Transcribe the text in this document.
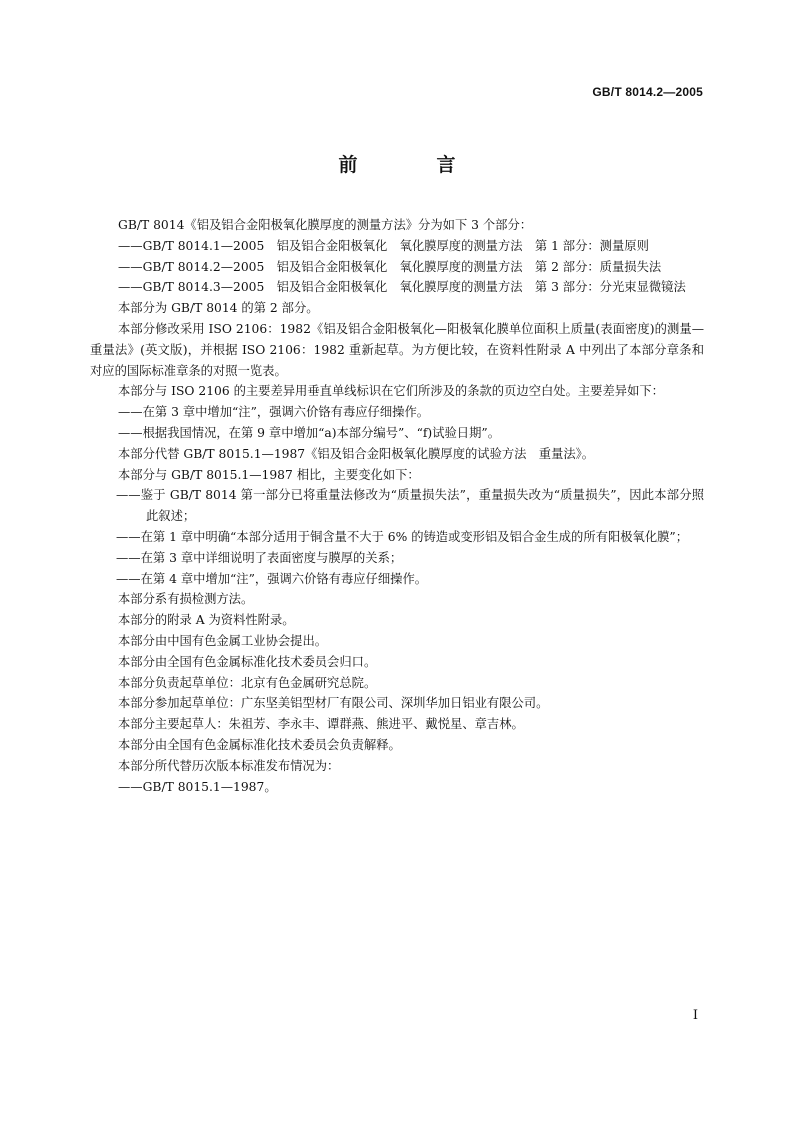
GB/T 8014.2—2005
前　言

GB/T 8014《铝及铝合金阳极氧化膜厚度的测量方法》分为如下 3 个部分：

——GB/T 8014.1—2005　铝及铝合金阳极氧化　氧化膜厚度的测量方法　第 1 部分：测量原则

——GB/T 8014.2—2005　铝及铝合金阳极氧化　氧化膜厚度的测量方法　第 2 部分：质量损失法

——GB/T 8014.3—2005　铝及铝合金阳极氧化　氧化膜厚度的测量方法　第 3 部分：分光束显微镜法

本部分为 GB/T 8014 的第 2 部分。

本部分修改采用 ISO 2106：1982《铝及铝合金阳极氧化—阳极氧化膜单位面积上质量(表面密度)的测量—重量法》(英文版)，并根据 ISO 2106：1982 重新起草。为方便比较，在资料性附录 A 中列出了本部分章条和对应的国际标准章条的对照一览表。

本部分与 ISO 2106 的主要差异用垂直单线标识在它们所涉及的条款的页边空白处。主要差异如下：

——在第 3 章中增加“注”，强调六价铬有毒应仔细操作。

——根据我国情况，在第 9 章中增加“a)本部分编号”、“f)试验日期”。

本部分代替 GB/T 8015.1—1987《铝及铝合金阳极氧化膜厚度的试验方法　重量法》。

本部分与 GB/T 8015.1—1987 相比，主要变化如下：

——鉴于 GB/T 8014 第一部分已将重量法修改为“质量损失法”，重量损失改为“质量损失”，因此本部分照此叙述；

——在第 1 章中明确“本部分适用于铜含量不大于 6% 的铸造或变形铝及铝合金生成的所有阳极氧化膜”；

——在第 3 章中详细说明了表面密度与膜厚的关系；

——在第 4 章中增加“注”，强调六价铬有毒应仔细操作。

本部分系有损检测方法。

本部分的附录 A 为资料性附录。

本部分由中国有色金属工业协会提出。

本部分由全国有色金属标准化技术委员会归口。

本部分负责起草单位：北京有色金属研究总院。

本部分参加起草单位：广东坚美铝型材厂有限公司、深圳华加日铝业有限公司。

本部分主要起草人：朱祖芳、李永丰、谭群燕、熊进平、戴悦星、章吉林。

本部分由全国有色金属标准化技术委员会负责解释。

本部分所代替历次版本标准发布情况为：

——GB/T 8015.1—1987。

I
